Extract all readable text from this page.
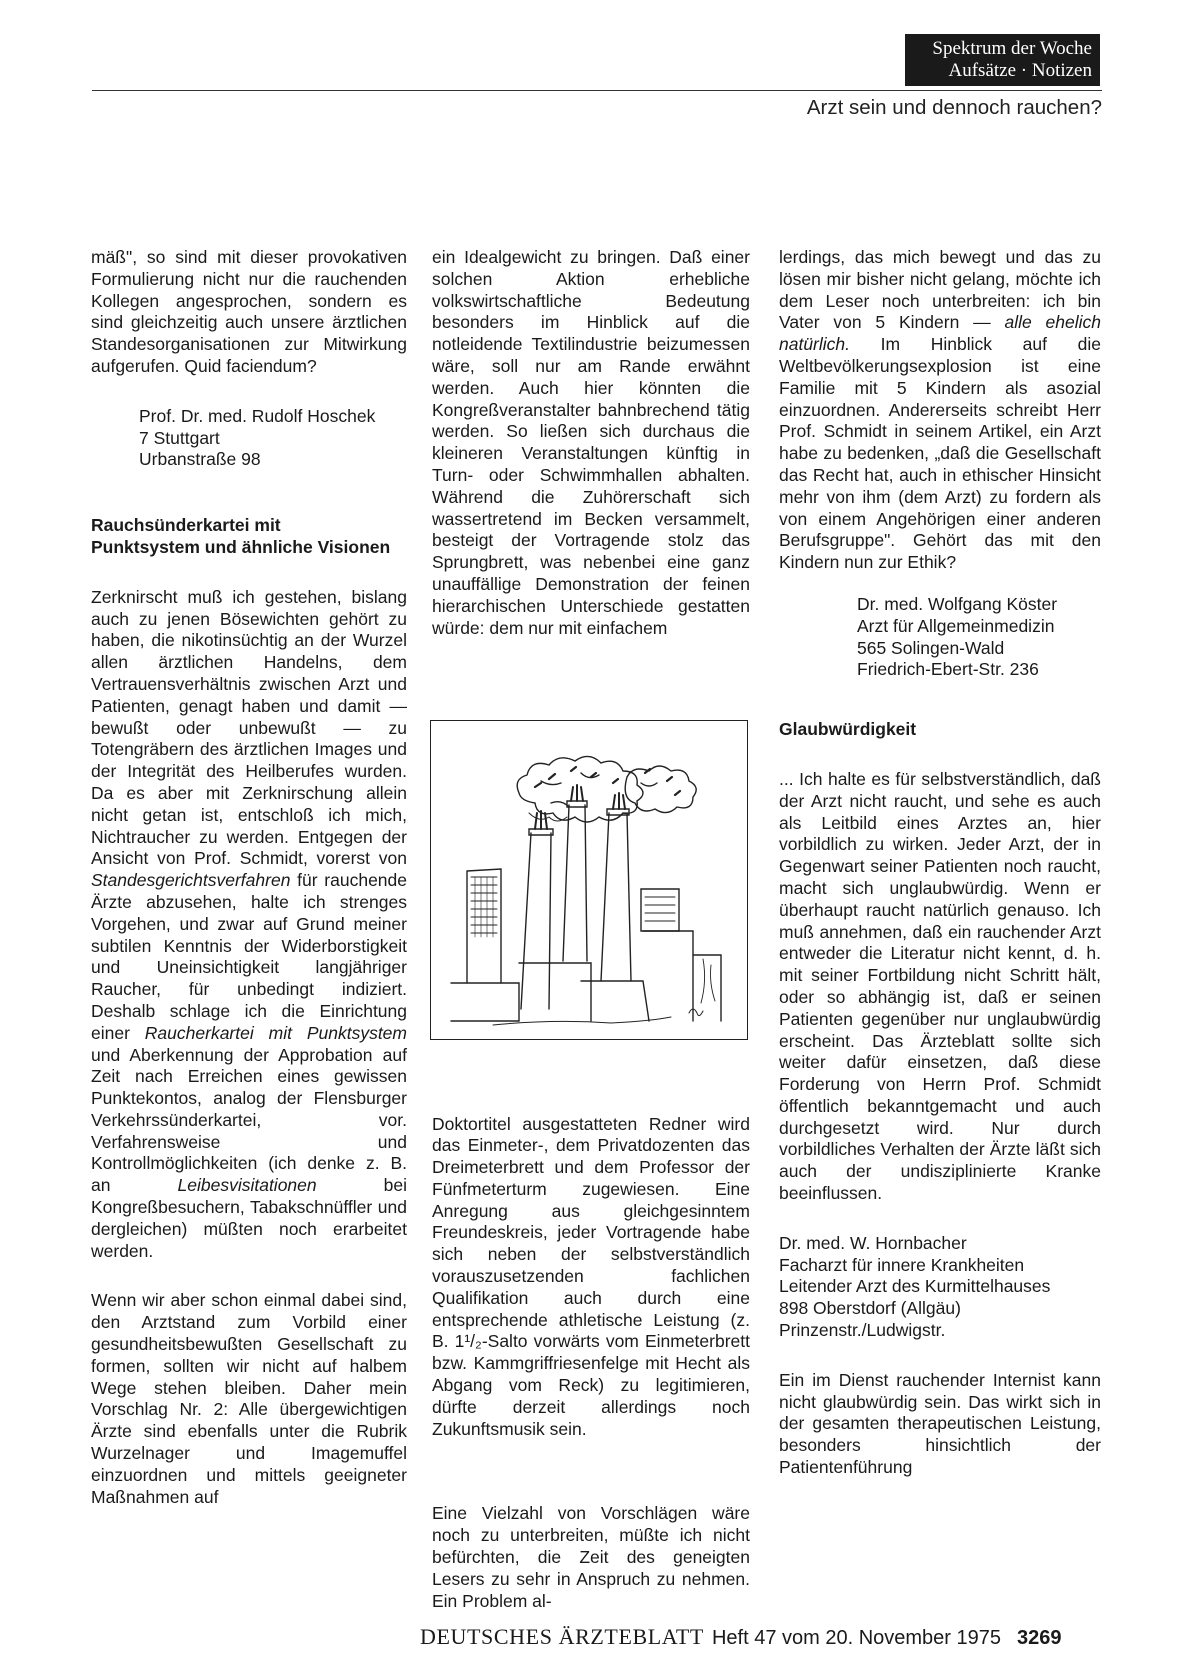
Spektrum der Woche
Aufsätze · Notizen
Arzt sein und dennoch rauchen?

mäß", so sind mit dieser provokativen Formulierung nicht nur die rauchenden Kollegen angesprochen, sondern es sind gleichzeitig auch unsere ärztlichen Standesorganisationen zur Mitwirkung aufgerufen. Quid faciendum?

Prof. Dr. med. Rudolf Hoschek
7 Stuttgart
Urbanstraße 98

Rauchsünderkartei mit
Punktsystem und ähnliche Visionen

Zerknirscht muß ich gestehen, bislang auch zu jenen Bösewichten gehört zu haben, die nikotinsüchtig an der Wurzel allen ärztlichen Handelns, dem Vertrauensverhältnis zwischen Arzt und Patienten, genagt haben und damit — bewußt oder unbewußt — zu Totengräbern des ärztlichen Images und der Integrität des Heilberufes wurden. Da es aber mit Zerknirschung allein nicht getan ist, entschloß ich mich, Nichtraucher zu werden. Entgegen der Ansicht von Prof. Schmidt, vorerst von Standesgerichtsverfahren für rauchende Ärzte abzusehen, halte ich strenges Vorgehen, und zwar auf Grund meiner subtilen Kenntnis der Widerborstigkeit und Uneinsichtigkeit langjähriger Raucher, für unbedingt indiziert. Deshalb schlage ich die Einrichtung einer Raucherkartei mit Punktsystem und Aberkennung der Approbation auf Zeit nach Erreichen eines gewissen Punktekontos, analog der Flensburger Verkehrssünderkartei, vor. Verfahrensweise und Kontrollmöglichkeiten (ich denke z. B. an Leibesvisitationen bei Kongreßbesuchern, Tabakschnüffler und dergleichen) müßten noch erarbeitet werden.

Wenn wir aber schon einmal dabei sind, den Arztstand zum Vorbild einer gesundheitsbewußten Gesellschaft zu formen, sollten wir nicht auf halbem Wege stehen bleiben. Daher mein Vorschlag Nr. 2: Alle übergewichtigen Ärzte sind ebenfalls unter die Rubrik Wurzelnager und Imagemuffel einzuordnen und mittels geeigneter Maßnahmen auf

ein Idealgewicht zu bringen. Daß einer solchen Aktion erhebliche volkswirtschaftliche Bedeutung besonders im Hinblick auf die notleidende Textilindustrie beizumessen wäre, soll nur am Rande erwähnt werden. Auch hier könnten die Kongreßveranstalter bahnbrechend tätig werden. So ließen sich durchaus die kleineren Veranstaltungen künftig in Turn- oder Schwimmhallen abhalten. Während die Zuhörerschaft sich wassertretend im Becken versammelt, besteigt der Vortragende stolz das Sprungbrett, was nebenbei eine ganz unauffällige Demonstration der feinen hierarchischen Unterschiede gestatten würde: dem nur mit einfachem

Doktortitel ausgestatteten Redner wird das Einmeter-, dem Privatdozenten das Dreimeterbrett und dem Professor der Fünfmeterturm zugewiesen. Eine Anregung aus gleichgesinntem Freundeskreis, jeder Vortragende habe sich neben der selbstverständlich vorauszusetzenden fachlichen Qualifikation auch durch eine entsprechende athletische Leistung (z. B. 1¹/₂-Salto vorwärts vom Einmeterbrett bzw. Kammgriffriesenfelge mit Hecht als Abgang vom Reck) zu legitimieren, dürfte derzeit allerdings noch Zukunftsmusik sein.

Eine Vielzahl von Vorschlägen wäre noch zu unterbreiten, müßte ich nicht befürchten, die Zeit des geneigten Lesers zu sehr in Anspruch zu nehmen. Ein Problem al-

lerdings, das mich bewegt und das zu lösen mir bisher nicht gelang, möchte ich dem Leser noch unterbreiten: ich bin Vater von 5 Kindern — alle ehelich natürlich. Im Hinblick auf die Weltbevölkerungsexplosion ist eine Familie mit 5 Kindern als asozial einzuordnen. Andererseits schreibt Herr Prof. Schmidt in seinem Artikel, ein Arzt habe zu bedenken, „daß die Gesellschaft das Recht hat, auch in ethischer Hinsicht mehr von ihm (dem Arzt) zu fordern als von einem Angehörigen einer anderen Berufsgruppe". Gehört das mit den Kindern nun zur Ethik?

Dr. med. Wolfgang Köster
Arzt für Allgemeinmedizin
565 Solingen-Wald
Friedrich-Ebert-Str. 236

Glaubwürdigkeit

... Ich halte es für selbstverständlich, daß der Arzt nicht raucht, und sehe es auch als Leitbild eines Arztes an, hier vorbildlich zu wirken. Jeder Arzt, der in Gegenwart seiner Patienten noch raucht, macht sich unglaubwürdig. Wenn er überhaupt raucht natürlich genauso. Ich muß annehmen, daß ein rauchender Arzt entweder die Literatur nicht kennt, d. h. mit seiner Fortbildung nicht Schritt hält, oder so abhängig ist, daß er seinen Patienten gegenüber nur unglaubwürdig erscheint. Das Ärzteblatt sollte sich weiter dafür einsetzen, daß diese Forderung von Herrn Prof. Schmidt öffentlich bekanntgemacht und auch durchgesetzt wird. Nur durch vorbildliches Verhalten der Ärzte läßt sich auch der undisziplinierte Kranke beeinflussen.

Dr. med. W. Hornbacher
Facharzt für innere Krankheiten
Leitender Arzt des Kurmittelhauses
898 Oberstdorf (Allgäu)
Prinzenstr./Ludwigstr.

Ein im Dienst rauchender Internist kann nicht glaubwürdig sein. Das wirkt sich in der gesamten therapeutischen Leistung, besonders hinsichtlich der Patientenführung

DEUTSCHES ÄRZTEBLATT Heft 47 vom 20. November 1975 3269
